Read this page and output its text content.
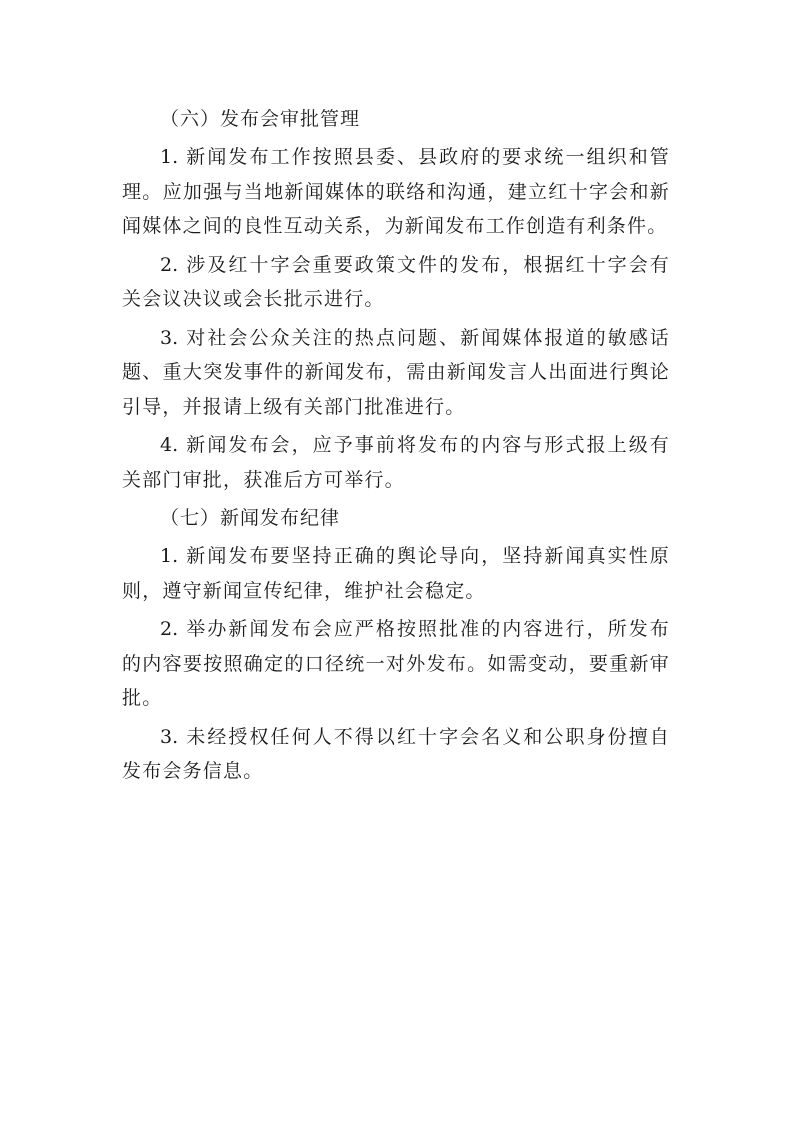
（六）发布会审批管理

1. 新闻发布工作按照县委、县政府的要求统一组织和管理。应加强与当地新闻媒体的联络和沟通，建立红十字会和新闻媒体之间的良性互动关系，为新闻发布工作创造有利条件。

2. 涉及红十字会重要政策文件的发布，根据红十字会有关会议决议或会长批示进行。

3. 对社会公众关注的热点问题、新闻媒体报道的敏感话题、重大突发事件的新闻发布，需由新闻发言人出面进行舆论引导，并报请上级有关部门批准进行。

4. 新闻发布会，应予事前将发布的内容与形式报上级有关部门审批，获准后方可举行。

（七）新闻发布纪律

1. 新闻发布要坚持正确的舆论导向，坚持新闻真实性原则，遵守新闻宣传纪律，维护社会稳定。

2. 举办新闻发布会应严格按照批准的内容进行，所发布的内容要按照确定的口径统一对外发布。如需变动，要重新审批。

3. 未经授权任何人不得以红十字会名义和公职身份擅自发布会务信息。
